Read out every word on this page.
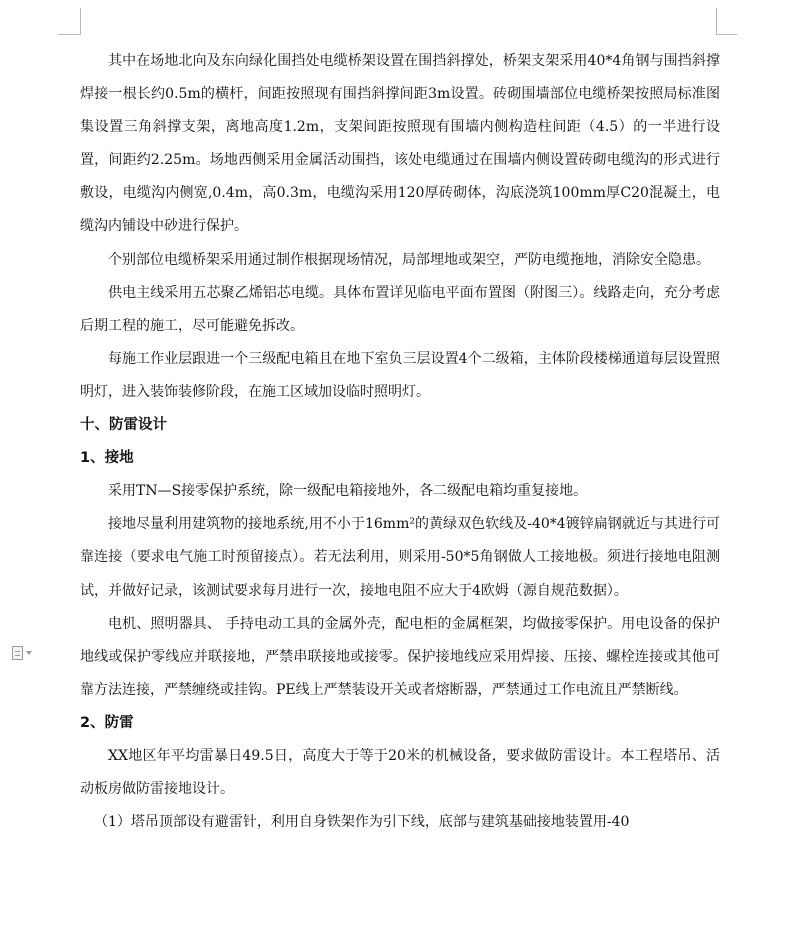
其中在场地北向及东向绿化围挡处电缆桥架设置在围挡斜撑处，桥架支架采用40*4角钢与围挡斜撑焊接一根长约0.5m的横杆，间距按照现有围挡斜撑间距3m设置。砖砌围墙部位电缆桥架按照局标准图集设置三角斜撑支架，离地高度1.2m，支架间距按照现有围墙内侧构造柱间距（4.5）的一半进行设置，间距约2.25m。场地西侧采用金属活动围挡，该处电缆通过在围墙内侧设置砖砌电缆沟的形式进行敷设，电缆沟内侧宽,0.4m，高0.3m，电缆沟采用120厚砖砌体，沟底浇筑100mm厚C20混凝土，电缆沟内铺设中砂进行保护。

个别部位电缆桥架采用通过制作根据现场情况，局部埋地或架空，严防电缆拖地，消除安全隐患。

供电主线采用五芯聚乙烯铝芯电缆。具体布置详见临电平面布置图（附图三）。线路走向，充分考虑后期工程的施工，尽可能避免拆改。

每施工作业层跟进一个三级配电箱且在地下室负三层设置4个二级箱，主体阶段楼梯通道每层设置照明灯，进入装饰装修阶段，在施工区域加设临时照明灯。

十、防雷设计

1、接地

采用TN—S接零保护系统，除一级配电箱接地外，各二级配电箱均重复接地。

接地尽量利用建筑物的接地系统,用不小于16mm²的黄绿双色软线及-40*4镀锌扁钢就近与其进行可靠连接（要求电气施工时预留接点）。若无法利用，则采用-50*5角钢做人工接地极。须进行接地电阻测试，并做好记录，该测试要求每月进行一次，接地电阻不应大于4欧姆（源自规范数据）。

电机、照明器具、 手持电动工具的金属外壳，配电柜的金属框架，均做接零保护。用电设备的保护地线或保护零线应并联接地，严禁串联接地或接零。保护接地线应采用焊接、压接、螺栓连接或其他可靠方法连接，严禁缠绕或挂钩。PE线上严禁装设开关或者熔断器，严禁通过工作电流且严禁断线。

2、防雷

XX地区年平均雷暴日49.5日，高度大于等于20米的机械设备，要求做防雷设计。本工程塔吊、活动板房做防雷接地设计。

（1）塔吊顶部设有避雷针，利用自身铁架作为引下线，底部与建筑基础接地装置用-40
